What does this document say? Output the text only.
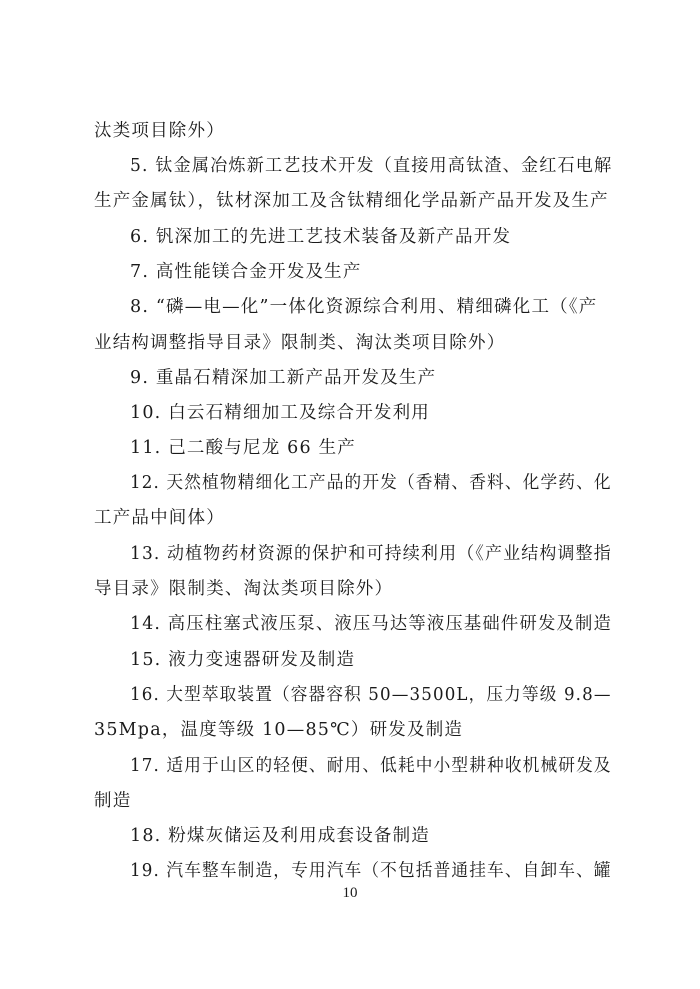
汰类项目除外）
5. 钛金属冶炼新工艺技术开发（直接用高钛渣、金红石电解
生产金属钛），钛材深加工及含钛精细化学品新产品开发及生产
6. 钒深加工的先进工艺技术装备及新产品开发
7. 高性能镁合金开发及生产
8. “磷—电—化”一体化资源综合利用、精细磷化工（《产
业结构调整指导目录》限制类、淘汰类项目除外）
9. 重晶石精深加工新产品开发及生产
10. 白云石精细加工及综合开发利用
11. 己二酸与尼龙 66 生产
12. 天然植物精细化工产品的开发（香精、香料、化学药、化
工产品中间体）
13. 动植物药材资源的保护和可持续利用（《产业结构调整指
导目录》限制类、淘汰类项目除外）
14. 高压柱塞式液压泵、液压马达等液压基础件研发及制造
15. 液力变速器研发及制造
16. 大型萃取装置（容器容积 50—3500L，压力等级 9.8—
35Mpa，温度等级 10—85℃）研发及制造
17. 适用于山区的轻便、耐用、低耗中小型耕种收机械研发及
制造
18. 粉煤灰储运及利用成套设备制造
19. 汽车整车制造，专用汽车（不包括普通挂车、自卸车、罐
10
